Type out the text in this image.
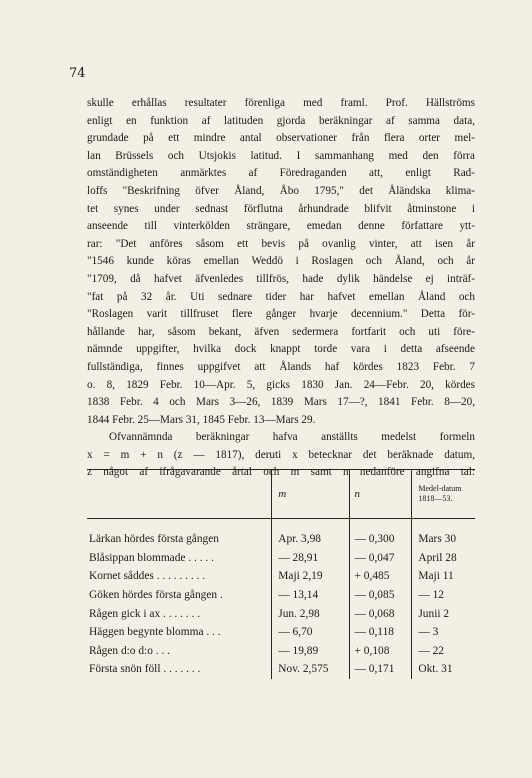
74
skulle erhållas resultater förenliga med framl. Prof. Hällströms
enligt en funktion af latituden gjorda beräkningar af samma data,
grundade på ett mindre antal observationer från flera orter mel-
lan Brüssels och Utsjokis latitud. I sammanhang med den förra
omständigheten anmärktes af Föredraganden att, enligt Rad-
loffs "Beskrifning öfver Åland, Åbo 1795," det Åländska klima-
tet synes under sednast förflutna århundrade blifvit åtminstone i
anseende till vinterkölden strängare, emedan denne författare ytt-
rar: "Det anföres såsom ett bevis på ovanlig vinter, att isen år
"1546 kunde köras emellan Weddö i Roslagen och Åland, och år
"1709, då hafvet äfvenledes tillfrös, hade dylik händelse ej inträf-
"fat på 32 år. Uti sednare tider har hafvet emellan Åland och
"Roslagen varit tillfruset flere gånger hvarje decennium." Detta för-
hållande har, såsom bekant, äfven sedermera fortfarit och uti före-
nämnde uppgifter, hvilka dock knappt torde vara i detta afseende
fullständiga, finnes uppgifvet att Ålands haf kördes 1823 Febr. 7
o. 8, 1829 Febr. 10—Apr. 5, gicks 1830 Jan. 24—Febr. 20, kördes
1838 Febr. 4 och Mars 3—26, 1839 Mars 17—?, 1841 Febr. 8—20,
1844 Febr. 25—Mars 31, 1845 Febr. 13—Mars 29.
Ofvannämnda beräkningar hafva anställts medelst formeln
x = m + n (z — 1817), deruti x betecknar det beräknade datum,
z något af ifrågavarande årtal och m samt n nedanföre angifna tal:
	m	n	Medel-datum 1818—53.
Lärkan hördes första gången	Apr. 3,98	— 0,300	Mars 30
Blåsippan blommade . . . . .	— 28,91	— 0,047	April 28
Kornet såddes . . . . . . . . .	Maji 2,19	+ 0,485	Maji 11
Göken hördes första gången .	— 13,14	— 0,085	— 12
Rågen gick i ax . . . . . . .	Jun. 2,98	— 0,068	Junii 2
Häggen begynte blomma . . .	— 6,70	— 0,118	— 3
Rågen d:o d:o . . .	— 19,89	+ 0,108	— 22
Första snön föll . . . . . . .	Nov. 2,575	— 0,171	Okt. 31
